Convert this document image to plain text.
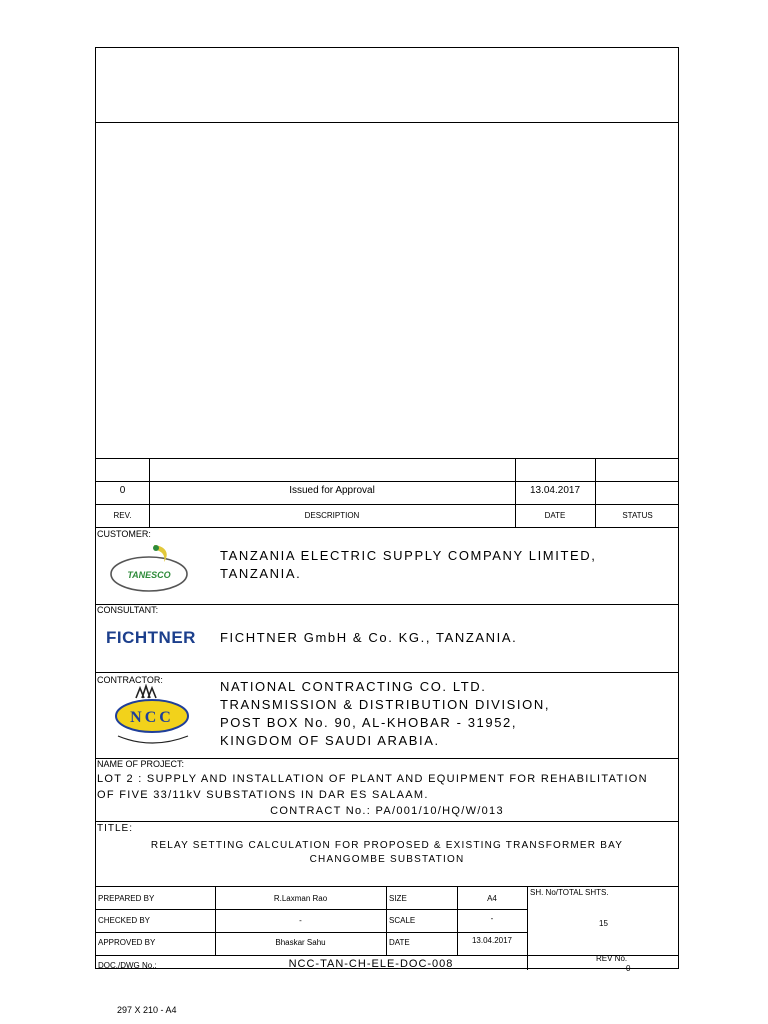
0	Issued for Approval	13.04.2017
REV.	DESCRIPTION	DATE	STATUS
CUSTOMER:
TANESCO
TANZANIA ELECTRIC SUPPLY COMPANY LIMITED,
TANZANIA.
CONSULTANT:
FICHTNER FICHTNER GmbH & Co. KG., TANZANIA.
CONTRACTOR:
NCC
NATIONAL CONTRACTING CO. LTD.
TRANSMISSION & DISTRIBUTION DIVISION,
POST BOX No. 90, AL-KHOBAR - 31952,
KINGDOM OF SAUDI ARABIA.
NAME OF PROJECT:
LOT 2 : SUPPLY AND INSTALLATION OF PLANT AND EQUIPMENT FOR REHABILITATION
OF FIVE 33/11kV SUBSTATIONS IN DAR ES SALAAM.
CONTRACT No.: PA/001/10/HQ/W/013
TITLE:
RELAY SETTING CALCULATION FOR PROPOSED & EXISTING TRANSFORMER BAY
CHANGOMBE SUBSTATION
PREPARED BY	R.Laxman Rao	SIZE	A4
SH. No/TOTAL SHTS.
CHECKED BY	-	SCALE	-
15
APPROVED BY	Bhaskar Sahu	DATE	13.04.2017
DOC./DWG No.:	NCC-TAN-CH-ELE-DOC-008	REV No.
0
297 X 210 - A4
